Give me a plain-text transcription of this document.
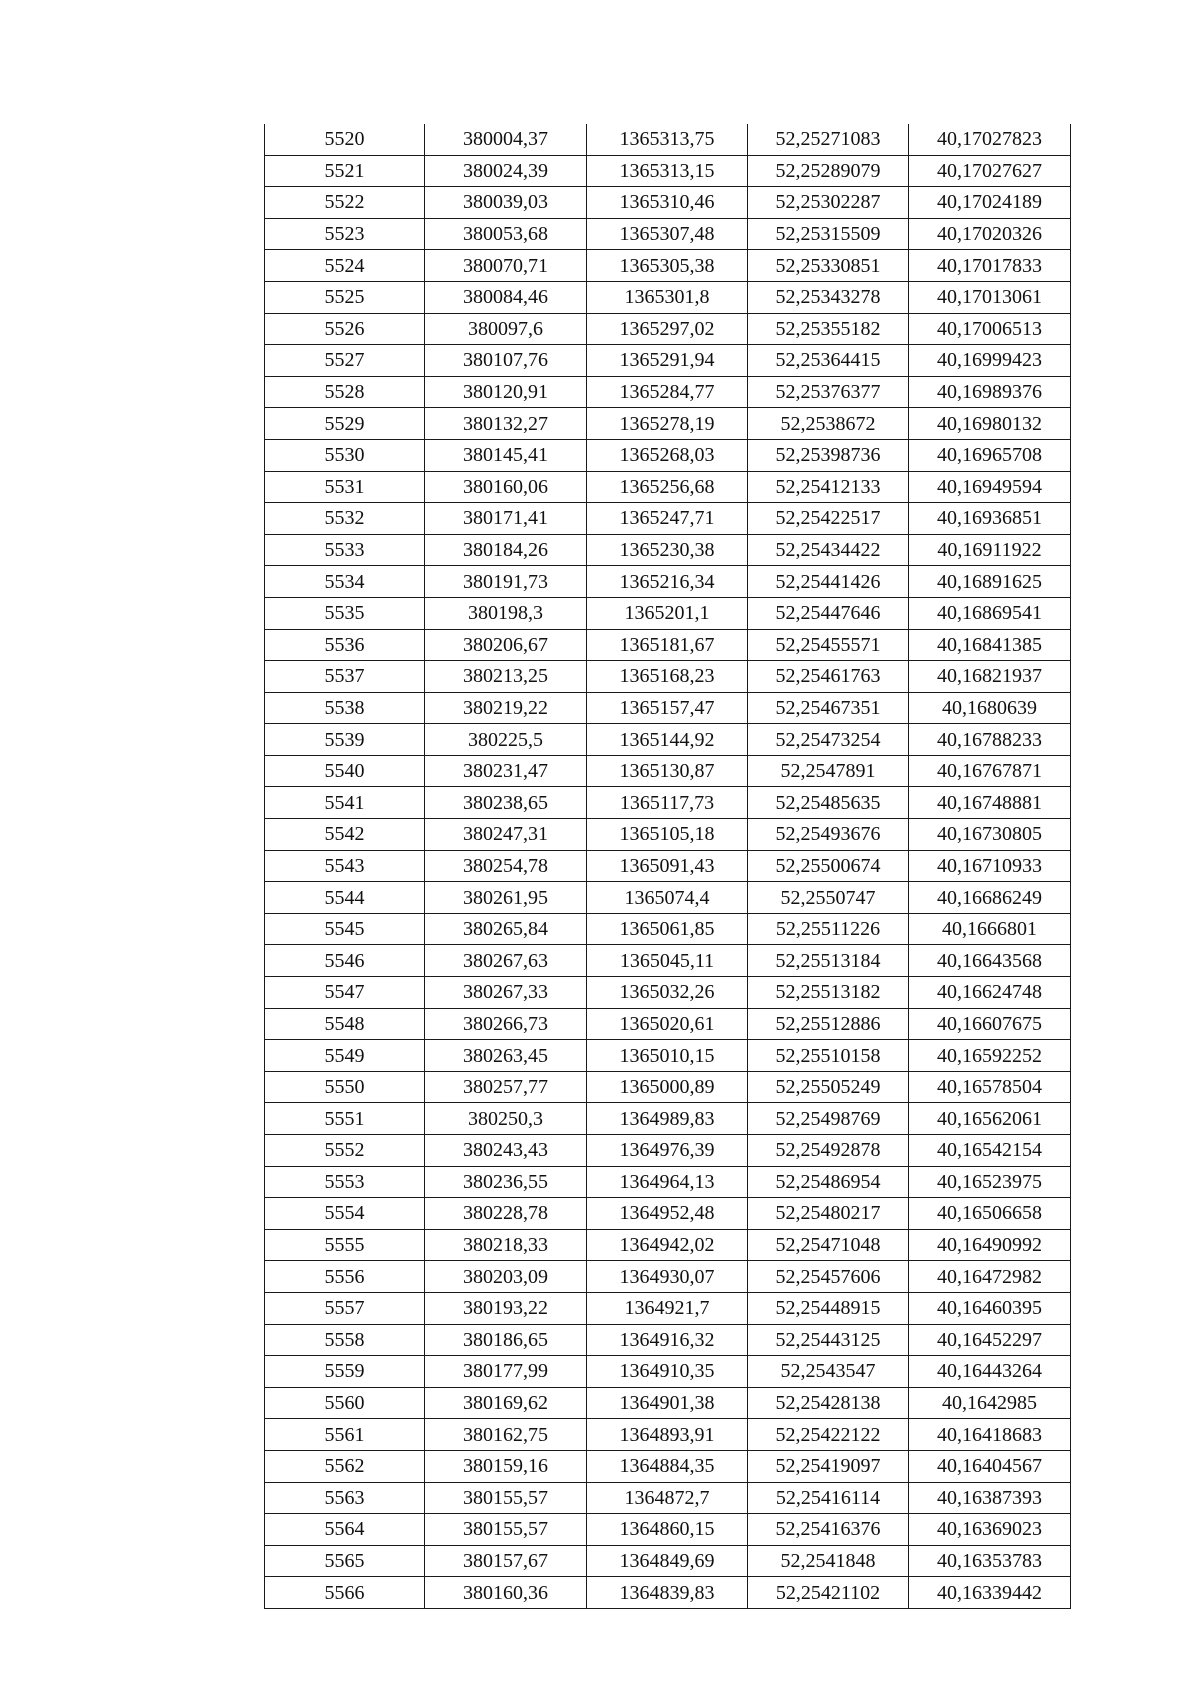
5520	380004,37	1365313,75	52,25271083	40,17027823
5521	380024,39	1365313,15	52,25289079	40,17027627
5522	380039,03	1365310,46	52,25302287	40,17024189
5523	380053,68	1365307,48	52,25315509	40,17020326
5524	380070,71	1365305,38	52,25330851	40,17017833
5525	380084,46	1365301,8	52,25343278	40,17013061
5526	380097,6	1365297,02	52,25355182	40,17006513
5527	380107,76	1365291,94	52,25364415	40,16999423
5528	380120,91	1365284,77	52,25376377	40,16989376
5529	380132,27	1365278,19	52,2538672	40,16980132
5530	380145,41	1365268,03	52,25398736	40,16965708
5531	380160,06	1365256,68	52,25412133	40,16949594
5532	380171,41	1365247,71	52,25422517	40,16936851
5533	380184,26	1365230,38	52,25434422	40,16911922
5534	380191,73	1365216,34	52,25441426	40,16891625
5535	380198,3	1365201,1	52,25447646	40,16869541
5536	380206,67	1365181,67	52,25455571	40,16841385
5537	380213,25	1365168,23	52,25461763	40,16821937
5538	380219,22	1365157,47	52,25467351	40,1680639
5539	380225,5	1365144,92	52,25473254	40,16788233
5540	380231,47	1365130,87	52,2547891	40,16767871
5541	380238,65	1365117,73	52,25485635	40,16748881
5542	380247,31	1365105,18	52,25493676	40,16730805
5543	380254,78	1365091,43	52,25500674	40,16710933
5544	380261,95	1365074,4	52,2550747	40,16686249
5545	380265,84	1365061,85	52,25511226	40,1666801
5546	380267,63	1365045,11	52,25513184	40,16643568
5547	380267,33	1365032,26	52,25513182	40,16624748
5548	380266,73	1365020,61	52,25512886	40,16607675
5549	380263,45	1365010,15	52,25510158	40,16592252
5550	380257,77	1365000,89	52,25505249	40,16578504
5551	380250,3	1364989,83	52,25498769	40,16562061
5552	380243,43	1364976,39	52,25492878	40,16542154
5553	380236,55	1364964,13	52,25486954	40,16523975
5554	380228,78	1364952,48	52,25480217	40,16506658
5555	380218,33	1364942,02	52,25471048	40,16490992
5556	380203,09	1364930,07	52,25457606	40,16472982
5557	380193,22	1364921,7	52,25448915	40,16460395
5558	380186,65	1364916,32	52,25443125	40,16452297
5559	380177,99	1364910,35	52,2543547	40,16443264
5560	380169,62	1364901,38	52,25428138	40,1642985
5561	380162,75	1364893,91	52,25422122	40,16418683
5562	380159,16	1364884,35	52,25419097	40,16404567
5563	380155,57	1364872,7	52,25416114	40,16387393
5564	380155,57	1364860,15	52,25416376	40,16369023
5565	380157,67	1364849,69	52,2541848	40,16353783
5566	380160,36	1364839,83	52,25421102	40,16339442
